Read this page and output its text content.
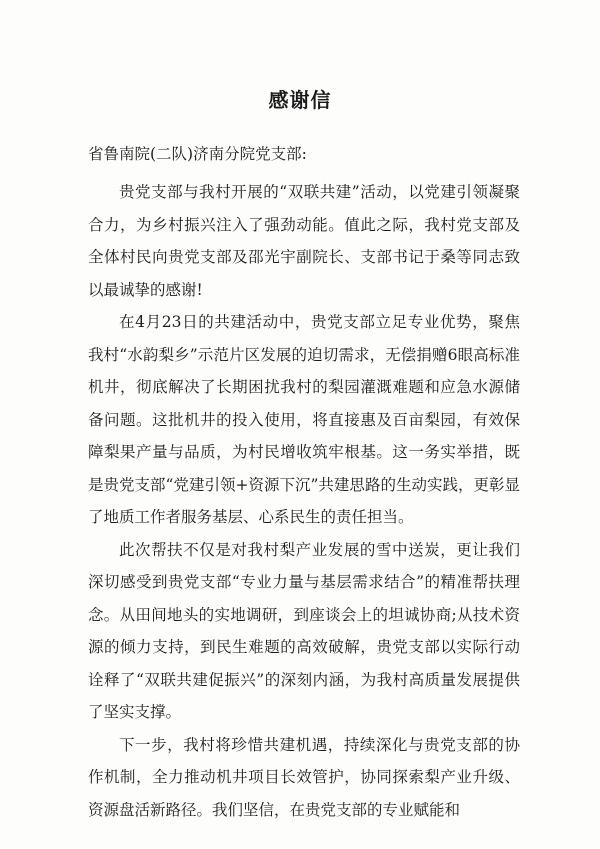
感谢信
省鲁南院(二队)济南分院党支部:

贵党支部与我村开展的“双联共建”活动，以党建引领凝聚合力，为乡村振兴注入了强劲动能。值此之际，我村党支部及全体村民向贵党支部及邵光宇副院长、支部书记于桑等同志致以最诚挚的感谢!

在4月23日的共建活动中，贵党支部立足专业优势，聚焦我村“水韵梨乡”示范片区发展的迫切需求，无偿捐赠6眼高标准机井，彻底解决了长期困扰我村的梨园灌溉难题和应急水源储备问题。这批机井的投入使用，将直接惠及百亩梨园，有效保障梨果产量与品质，为村民增收筑牢根基。这一务实举措，既是贵党支部“党建引领+资源下沉”共建思路的生动实践，更彰显了地质工作者服务基层、心系民生的责任担当。

此次帮扶不仅是对我村梨产业发展的雪中送炭，更让我们深切感受到贵党支部“专业力量与基层需求结合”的精准帮扶理念。从田间地头的实地调研，到座谈会上的坦诚协商;从技术资源的倾力支持，到民生难题的高效破解，贵党支部以实际行动诠释了“双联共建促振兴”的深刻内涵，为我村高质量发展提供了坚实支撑。

下一步，我村将珍惜共建机遇，持续深化与贵党支部的协作机制，全力推动机井项目长效管护，协同探索梨产业升级、资源盘活新路径。我们坚信，在贵党支部的专业赋能和
